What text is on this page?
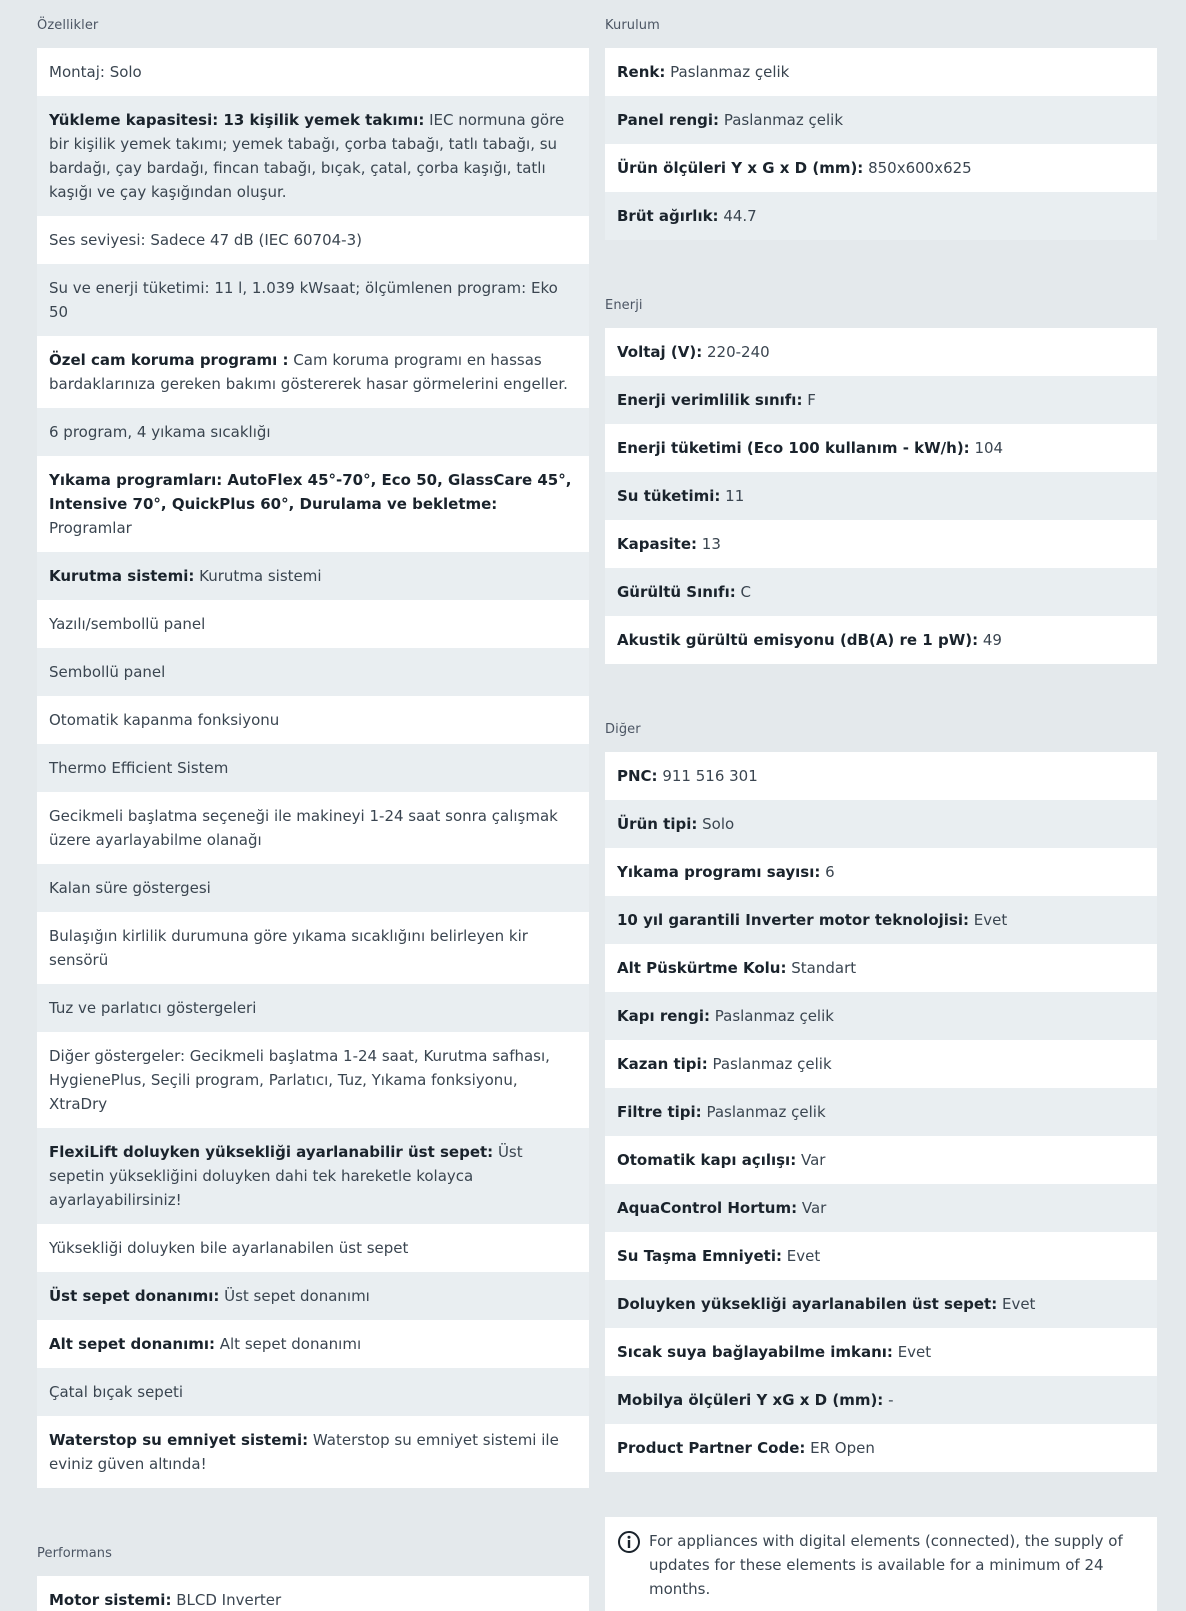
Özellikler
Montaj: Solo
Yükleme kapasitesi: 13 kişilik yemek takımı: IEC normuna göre bir kişilik yemek takımı; yemek tabağı, çorba tabağı, tatlı tabağı, su bardağı, çay bardağı, fincan tabağı, bıçak, çatal, çorba kaşığı, tatlı kaşığı ve çay kaşığından oluşur.
Ses seviyesi: Sadece 47 dB (IEC 60704-3)
Su ve enerji tüketimi: 11 l, 1.039 kWsaat; ölçümlenen program: Eko 50
Özel cam koruma programı : Cam koruma programı en hassas bardaklarınıza gereken bakımı göstererek hasar görmelerini engeller.
6 program, 4 yıkama sıcaklığı
Yıkama programları: AutoFlex 45°-70°, Eco 50, GlassCare 45°, Intensive 70°, QuickPlus 60°, Durulama ve bekletme: Programlar
Kurutma sistemi: Kurutma sistemi
Yazılı/sembollü panel
Sembollü panel
Otomatik kapanma fonksiyonu
Thermo Efficient Sistem
Gecikmeli başlatma seçeneği ile makineyi 1-24 saat sonra çalışmak üzere ayarlayabilme olanağı
Kalan süre göstergesi
Bulaşığın kirlilik durumuna göre yıkama sıcaklığını belirleyen kir sensörü
Tuz ve parlatıcı göstergeleri
Diğer göstergeler: Gecikmeli başlatma 1-24 saat, Kurutma safhası, HygienePlus, Seçili program, Parlatıcı, Tuz, Yıkama fonksiyonu, XtraDry
FlexiLift doluyken yüksekliği ayarlanabilir üst sepet: Üst sepetin yüksekliğini doluyken dahi tek hareketle kolayca ayarlayabilirsiniz!
Yüksekliği doluyken bile ayarlanabilen üst sepet
Üst sepet donanımı: Üst sepet donanımı
Alt sepet donanımı: Alt sepet donanımı
Çatal bıçak sepeti
Waterstop su emniyet sistemi: Waterstop su emniyet sistemi ile eviniz güven altında!
Performans
Motor sistemi: BLCD Inverter
Kurulum
Renk: Paslanmaz çelik
Panel rengi: Paslanmaz çelik
Ürün ölçüleri Y x G x D (mm): 850x600x625
Brüt ağırlık: 44.7
Enerji
Voltaj (V): 220-240
Enerji verimlilik sınıfı: F
Enerji tüketimi (Eco 100 kullanım - kW/h): 104
Su tüketimi: 11
Kapasite: 13
Gürültü Sınıfı: C
Akustik gürültü emisyonu (dB(A) re 1 pW): 49
Diğer
PNC: 911 516 301
Ürün tipi: Solo
Yıkama programı sayısı: 6
10 yıl garantili Inverter motor teknolojisi: Evet
Alt Püskürtme Kolu: Standart
Kapı rengi: Paslanmaz çelik
Kazan tipi: Paslanmaz çelik
Filtre tipi: Paslanmaz çelik
Otomatik kapı açılışı: Var
AquaControl Hortum: Var
Su Taşma Emniyeti: Evet
Doluyken yüksekliği ayarlanabilen üst sepet: Evet
Sıcak suya bağlayabilme imkanı: Evet
Mobilya ölçüleri Y xG x D (mm): -
Product Partner Code: ER Open
For appliances with digital elements (connected), the supply of updates for these elements is available for a minimum of 24 months.
